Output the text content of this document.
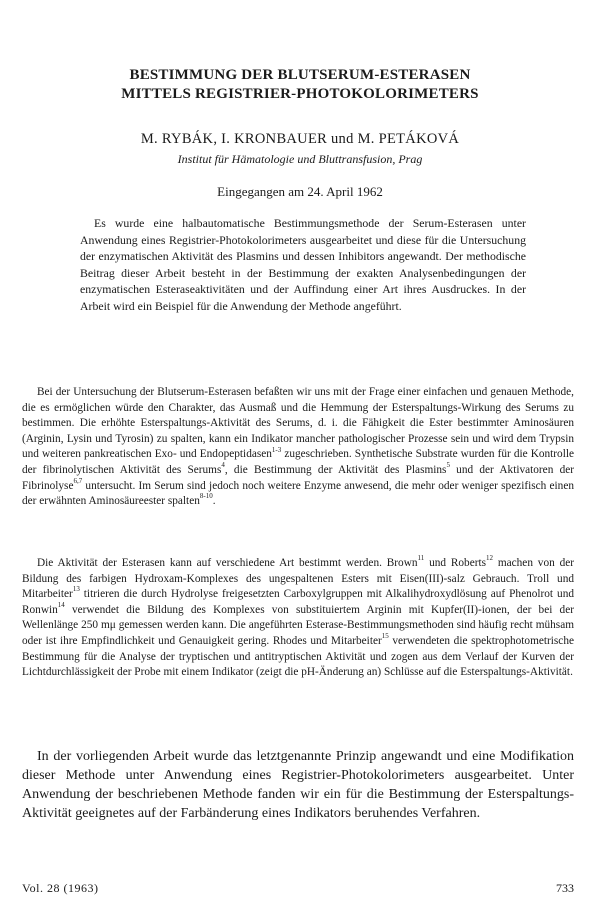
BESTIMMUNG DER BLUTSERUM-ESTERASEN
MITTELS REGISTRIER-PHOTOKOLORIMETERS
M. RYBÁK, I. KRONBAUER und M. PETÁKOVÁ
Institut für Hämatologie und Bluttransfusion, Prag
Eingegangen am 24. April 1962

Es wurde eine halbautomatische Bestimmungsmethode der Serum-Esterasen unter Anwendung eines Registrier-Photokolorimeters ausgearbeitet und diese für die Untersuchung der enzymatischen Aktivität des Plasmins und dessen Inhibitors angewandt. Der methodische Beitrag dieser Arbeit besteht in der Bestimmung der exakten Analysenbedingungen der enzymatischen Esteraseaktivitäten und der Auffindung einer Art ihres Ausdruckes. In der Arbeit wird ein Beispiel für die Anwendung der Methode angeführt.

Bei der Untersuchung der Blutserum-Esterasen befaßten wir uns mit der Frage einer einfachen und genauen Methode, die es ermöglichen würde den Charakter, das Ausmaß und die Hemmung der Esterspaltungs-Wirkung des Serums zu bestimmen. Die erhöhte Esterspaltungs-Aktivität des Serums, d. i. die Fähigkeit die Ester bestimmter Aminosäuren (Arginin, Lysin und Tyrosin) zu spalten, kann ein Indikator mancher pathologischer Prozesse sein und wird dem Trypsin und weiteren pankreatischen Exo- und Endopeptidasen$^{1-3}$ zugeschrieben. Synthetische Substrate wurden für die Kontrolle der fibrinolytischen Aktivität des Serums$^4$, die Bestimmung der Aktivität des Plasmins$^5$ und der Aktivatoren der Fibrinolyse$^{6,7}$ untersucht. Im Serum sind jedoch noch weitere Enzyme anwesend, die mehr oder weniger spezifisch einen der erwähnten Aminosäureester spalten$^{8-10}$.

Die Aktivität der Esterasen kann auf verschiedene Art bestimmt werden. Brown$^{11}$ und Roberts$^{12}$ machen von der Bildung des farbigen Hydroxam-Komplexes des ungespaltenen Esters mit Eisen(III)-salz Gebrauch. Troll und Mitarbeiter$^{13}$ titrieren die durch Hydrolyse freigesetzten Carboxylgruppen mit Alkalihydroxydlösung auf Phenolrot und Ronwin$^{14}$ verwendet die Bildung des Komplexes von substituiertem Arginin mit Kupfer(II)-ionen, der bei der Wellenlänge 250 mμ gemessen werden kann. Die angeführten Esterase-Bestimmungsmethoden sind häufig recht mühsam oder ist ihre Empfindlichkeit und Genauigkeit gering. Rhodes und Mitarbeiter$^{15}$ verwendeten die spektrophotometrische Bestimmung für die Analyse der tryptischen und antitryptischen Aktivität und zogen aus dem Verlauf der Kurven der Lichtdurchlässigkeit der Probe mit einem Indikator (zeigt die pH-Änderung an) Schlüsse auf die Esterspaltungs-Aktivität.

In der vorliegenden Arbeit wurde das letztgenannte Prinzip angewandt und eine Modifikation dieser Methode unter Anwendung eines Registrier-Photokolorimeters ausgearbeitet. Unter Anwendung der beschriebenen Methode fanden wir ein für die Bestimmung der Esterspaltungs-Aktivität geeignetes auf der Farbänderung eines Indikators beruhendes Verfahren.

Vol. 28 (1963)	733
